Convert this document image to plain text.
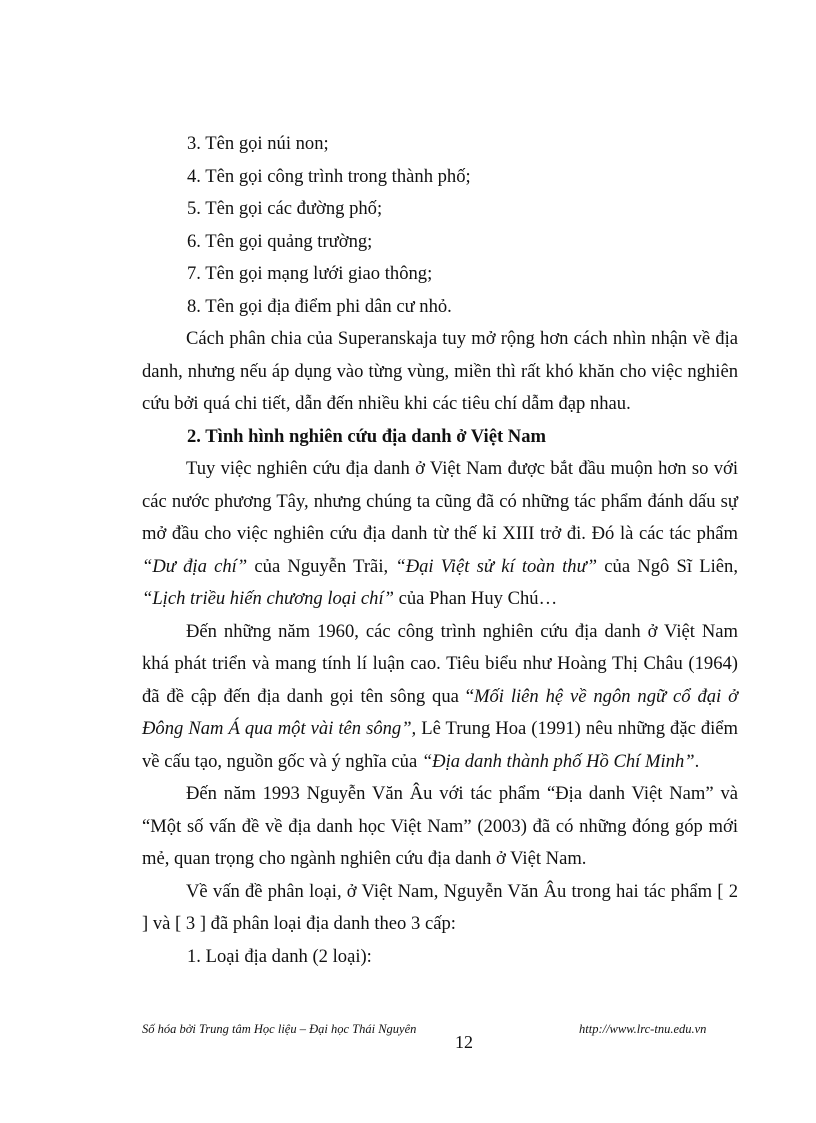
3. Tên gọi núi non;

4. Tên gọi công trình trong thành phố;

5. Tên gọi các đường phố;

6. Tên gọi quảng trường;

7. Tên gọi mạng lưới giao thông;

8. Tên gọi địa điểm phi dân cư nhỏ.

Cách phân chia của Superanskaja tuy mở rộng hơn cách nhìn nhận về địa danh, nhưng nếu áp dụng vào từng vùng, miền thì rất khó khăn cho việc nghiên cứu bởi quá chi tiết, dẫn đến nhiều khi các tiêu chí dẫm đạp nhau.

2. Tình hình nghiên cứu địa danh ở Việt Nam

Tuy việc nghiên cứu địa danh ở Việt Nam được bắt đầu muộn hơn so với các nước phương Tây, nhưng chúng ta cũng đã có những tác phẩm đánh dấu sự mở đầu cho việc nghiên cứu địa danh từ thế kỉ XIII trở đi. Đó là các tác phẩm “Dư địa chí” của Nguyễn Trãi, “Đại Việt sử kí toàn thư” của Ngô Sĩ Liên, “Lịch triều hiến chương loại chí” của Phan Huy Chú…

Đến những năm 1960, các công trình nghiên cứu địa danh ở Việt Nam khá phát triển và mang tính lí luận cao. Tiêu biểu như Hoàng Thị Châu (1964) đã đề cập đến địa danh gọi tên sông qua “Mối liên hệ về ngôn ngữ cổ đại ở Đông Nam Á qua một vài tên sông”, Lê Trung Hoa (1991) nêu những đặc điểm về cấu tạo, nguồn gốc và ý nghĩa của “Địa danh thành phố Hồ Chí Minh”.

Đến năm 1993 Nguyễn Văn Âu với tác phẩm “Địa danh Việt Nam” và “Một số vấn đề về địa danh học Việt Nam” (2003) đã có những đóng góp mới mẻ, quan trọng cho ngành nghiên cứu địa danh ở Việt Nam.

Về vấn đề phân loại, ở Việt Nam, Nguyễn Văn Âu trong hai tác phẩm [ 2 ] và [ 3 ] đã phân loại địa danh theo 3 cấp:

1. Loại địa danh (2 loại):

Số hóa bởi Trung tâm Học liệu – Đại học Thái Nguyên
12
http://www.lrc-tnu.edu.vn
